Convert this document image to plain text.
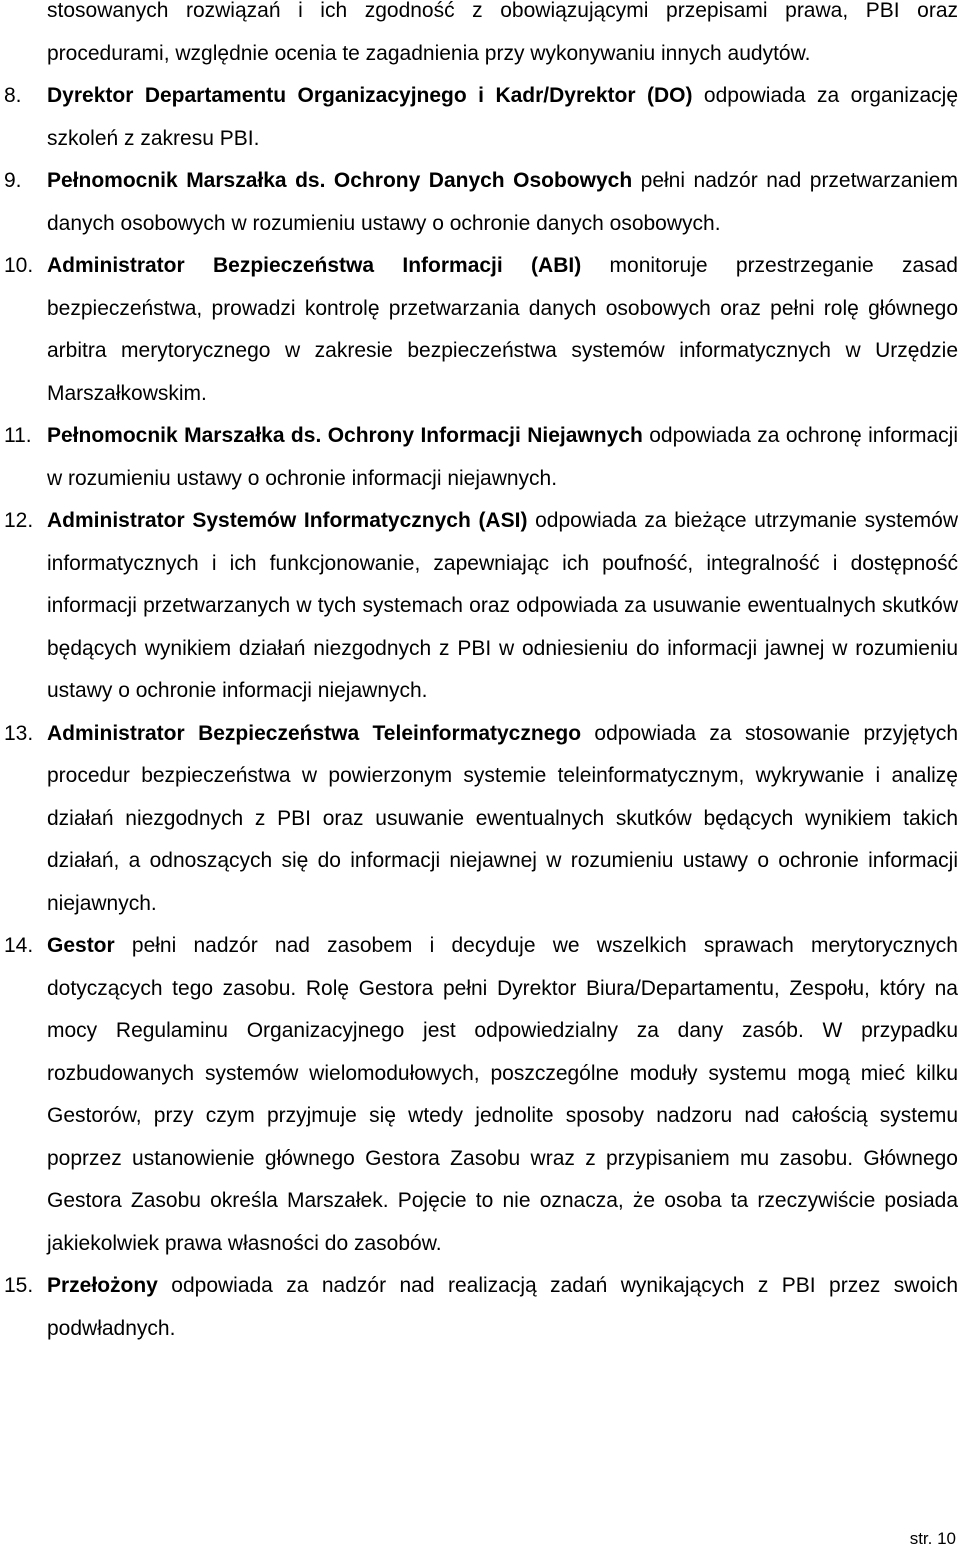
stosowanych rozwiązań i ich zgodność z obowiązującymi przepisami prawa, PBI oraz procedurami, względnie ocenia te zagadnienia przy wykonywaniu innych audytów.
8. Dyrektor Departamentu Organizacyjnego i Kadr/Dyrektor (DO) odpowiada za organizację szkoleń z zakresu PBI.
9. Pełnomocnik Marszałka ds. Ochrony Danych Osobowych pełni nadzór nad przetwarzaniem danych osobowych w rozumieniu ustawy o ochronie danych osobowych.
10. Administrator Bezpieczeństwa Informacji (ABI) monitoruje przestrzeganie zasad bezpieczeństwa, prowadzi kontrolę przetwarzania danych osobowych oraz pełni rolę głównego arbitra merytorycznego w zakresie bezpieczeństwa systemów informatycznych w Urzędzie Marszałkowskim.
11. Pełnomocnik Marszałka ds. Ochrony Informacji Niejawnych odpowiada za ochronę informacji w rozumieniu ustawy o ochronie informacji niejawnych.
12. Administrator Systemów Informatycznych (ASI) odpowiada za bieżące utrzymanie systemów informatycznych i ich funkcjonowanie, zapewniając ich poufność, integralność i dostępność informacji przetwarzanych w tych systemach oraz odpowiada za usuwanie ewentualnych skutków będących wynikiem działań niezgodnych z PBI w odniesieniu do informacji jawnej w rozumieniu ustawy o ochronie informacji niejawnych.
13. Administrator Bezpieczeństwa Teleinformatycznego odpowiada za stosowanie przyjętych procedur bezpieczeństwa w powierzonym systemie teleinformatycznym, wykrywanie i analizę działań niezgodnych z PBI oraz usuwanie ewentualnych skutków będących wynikiem takich działań, a odnoszących się do informacji niejawnej w rozumieniu ustawy o ochronie informacji niejawnych.
14. Gestor pełni nadzór nad zasobem i decyduje we wszelkich sprawach merytorycznych dotyczących tego zasobu. Rolę Gestora pełni Dyrektor Biura/Departamentu, Zespołu, który na mocy Regulaminu Organizacyjnego jest odpowiedzialny za dany zasób. W przypadku rozbudowanych systemów wielomodułowych, poszczególne moduły systemu mogą mieć kilku Gestorów, przy czym przyjmuje się wtedy jednolite sposoby nadzoru nad całością systemu poprzez ustanowienie głównego Gestora Zasobu wraz z przypisaniem mu zasobu. Głównego Gestora Zasobu określa Marszałek. Pojęcie to nie oznacza, że osoba ta rzeczywiście posiada jakiekolwiek prawa własności do zasobów.
15. Przełożony odpowiada za nadzór nad realizacją zadań wynikających z PBI przez swoich podwładnych.
str. 10
